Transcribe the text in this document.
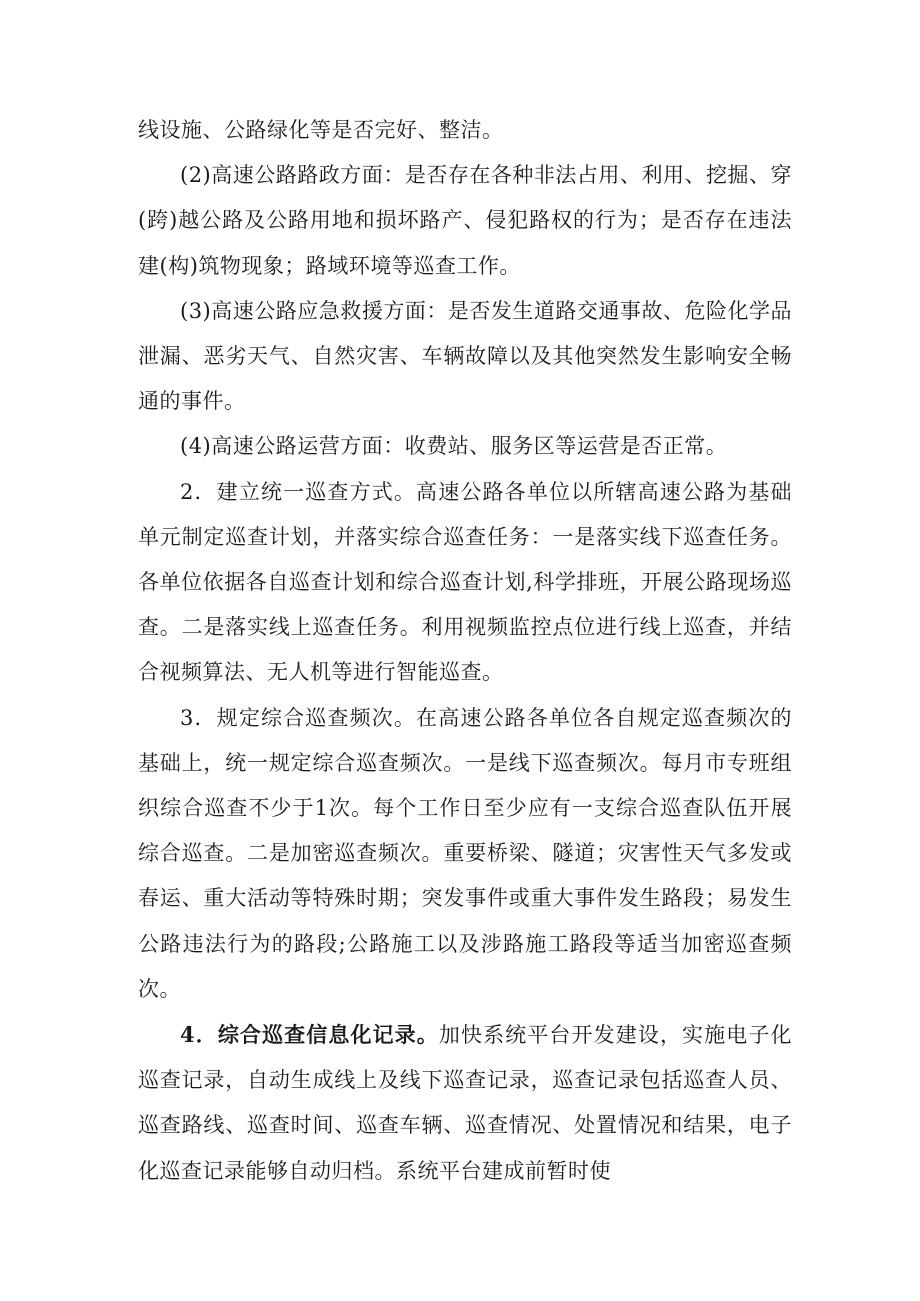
线设施、公路绿化等是否完好、整洁。

(2)高速公路路政方面：是否存在各种非法占用、利用、挖掘、穿(跨)越公路及公路用地和损坏路产、侵犯路权的行为；是否存在违法建(构)筑物现象；路域环境等巡查工作。

(3)高速公路应急救援方面：是否发生道路交通事故、危险化学品泄漏、恶劣天气、自然灾害、车辆故障以及其他突然发生影响安全畅通的事件。

(4)高速公路运营方面：收费站、服务区等运营是否正常。

2．建立统一巡查方式。高速公路各单位以所辖高速公路为基础单元制定巡查计划，并落实综合巡查任务：一是落实线下巡查任务。各单位依据各自巡查计划和综合巡查计划,科学排班，开展公路现场巡查。二是落实线上巡查任务。利用视频监控点位进行线上巡查，并结合视频算法、无人机等进行智能巡查。

3．规定综合巡查频次。在高速公路各单位各自规定巡查频次的基础上，统一规定综合巡查频次。一是线下巡查频次。每月市专班组织综合巡查不少于1次。每个工作日至少应有一支综合巡查队伍开展综合巡查。二是加密巡查频次。重要桥梁、隧道；灾害性天气多发或春运、重大活动等特殊时期；突发事件或重大事件发生路段；易发生公路违法行为的路段;公路施工以及涉路施工路段等适当加密巡查频次。

4．综合巡查信息化记录。加快系统平台开发建设，实施电子化巡查记录，自动生成线上及线下巡查记录，巡查记录包括巡查人员、巡查路线、巡查时间、巡查车辆、巡查情况、处置情况和结果，电子化巡查记录能够自动归档。系统平台建成前暂时使
